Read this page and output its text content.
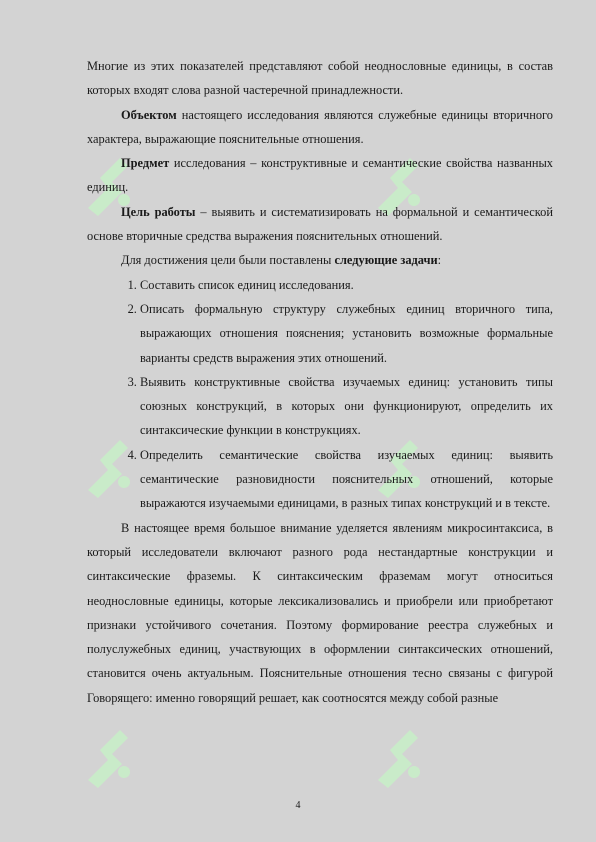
Многие из этих показателей представляют собой неоднословные единицы, в состав которых входят слова разной частеречной принадлежности.

Объектом настоящего исследования являются служебные единицы вторичного характера, выражающие пояснительные отношения.

Предмет исследования – конструктивные и семантические свойства названных единиц.

Цель работы – выявить и систематизировать на формальной и семантической основе вторичные средства выражения пояснительных отношений.

Для достижения цели были поставлены следующие задачи:

1. Составить список единиц исследования.
2. Описать формальную структуру служебных единиц вторичного типа, выражающих отношения пояснения; установить возможные формальные варианты средств выражения этих отношений.
3. Выявить конструктивные свойства изучаемых единиц: установить типы союзных конструкций, в которых они функционируют, определить их синтаксические функции в конструкциях.
4. Определить семантические свойства изучаемых единиц: выявить семантические разновидности пояснительных отношений, которые выражаются изучаемыми единицами, в разных типах конструкций и в тексте.

В настоящее время большое внимание уделяется явлениям микросинтаксиса, в который исследователи включают разного рода нестандартные конструкции и синтаксические фраземы. К синтаксическим фраземам могут относиться неоднословные единицы, которые лексикализовались и приобрели или приобретают признаки устойчивого сочетания. Поэтому формирование реестра служебных и полуслужебных единиц, участвующих в оформлении синтаксических отношений, становится очень актуальным. Пояснительные отношения тесно связаны с фигурой Говорящего: именно говорящий решает, как соотносятся между собой разные

4
